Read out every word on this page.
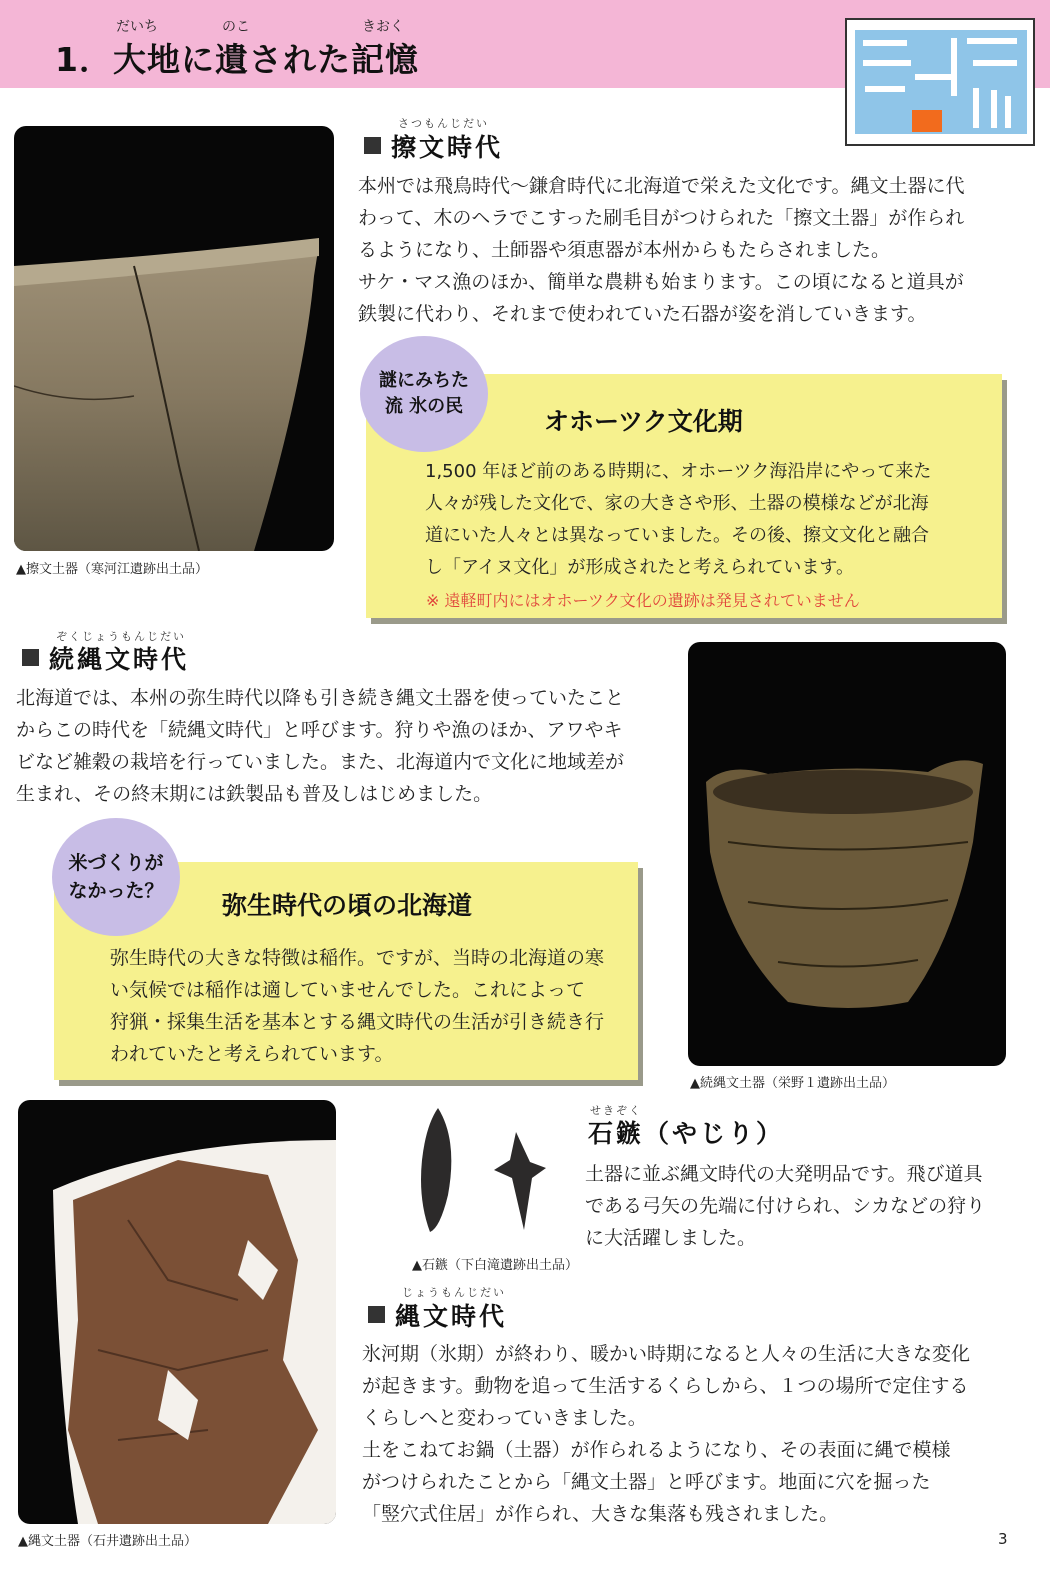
だいち	のこ	きおく
1．大地に遺された記憶
▲擦文土器（寒河江遺跡出土品）
さつもんじだい
擦文時代
本州では飛鳥時代～鎌倉時代に北海道で栄えた文化です。縄文土器に代
わって、木のヘラでこすった刷毛目がつけられた「擦文土器」が作られ
るようになり、土師器や須恵器が本州からもたらされました。
サケ・マス漁のほか、簡単な農耕も始まります。この頃になると道具が
鉄製に代わり、それまで使われていた石器が姿を消していきます。
謎にみちた
流 氷の民
オホーツク文化期
1,500 年ほど前のある時期に、オホーツク海沿岸にやって来た
人々が残した文化で、家の大きさや形、土器の模様などが北海
道にいた人々とは異なっていました。その後、擦文文化と融合
し「アイヌ文化」が形成されたと考えられています。
※ 遠軽町内にはオホーツク文化の遺跡は発見されていません
ぞくじょうもんじだい
続縄文時代
北海道では、本州の弥生時代以降も引き続き縄文土器を使っていたこと
からこの時代を「続縄文時代」と呼びます。狩りや漁のほか、アワやキ
ビなど雑穀の栽培を行っていました。また、北海道内で文化に地域差が
生まれ、その終末期には鉄製品も普及しはじめました。
▲続縄文土器（栄野１遺跡出土品）
米づくりが
なかった？ 弥生時代の頃の北海道
弥生時代の大きな特徴は稲作。ですが、当時の北海道の寒
い気候では稲作は適していませんでした。これによって
狩猟・採集生活を基本とする縄文時代の生活が引き続き行
われていたと考えられています。
▲縄文土器（石井遺跡出土品）
▲石鏃（下白滝遺跡出土品）
せきぞく
石鏃（やじり）
土器に並ぶ縄文時代の大発明品です。飛び道具
である弓矢の先端に付けられ、シカなどの狩り
に大活躍しました。
じょうもんじだい
縄文時代
氷河期（氷期）が終わり、暖かい時期になると人々の生活に大きな変化
が起きます。動物を追って生活するくらしから、１つの場所で定住する
くらしへと変わっていきました。
土をこねてお鍋（土器）が作られるようになり、その表面に縄で模様
がつけられたことから「縄文土器」と呼びます。地面に穴を掘った
「竪穴式住居」が作られ、大きな集落も残されました。
3
